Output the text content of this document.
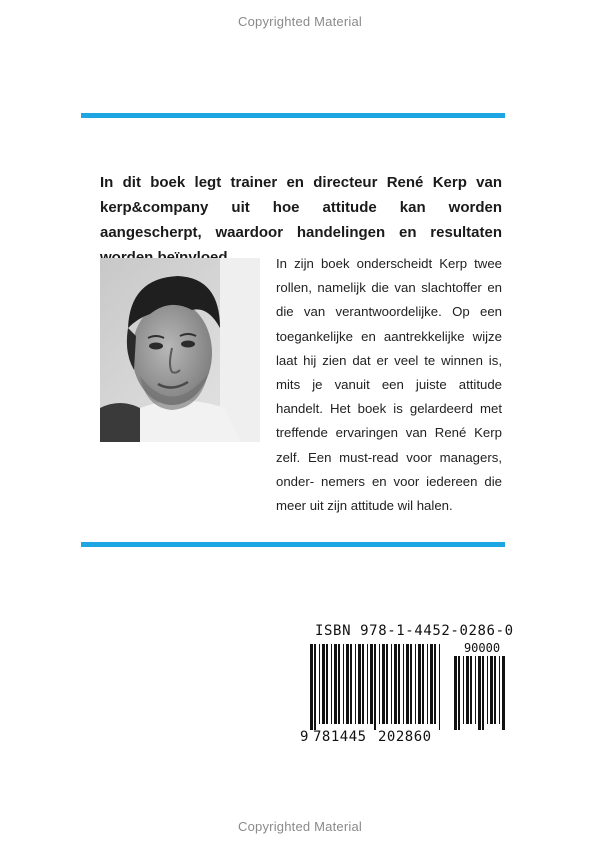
Copyrighted Material

In dit boek legt trainer en directeur René Kerp van kerp&company uit hoe attitude kan worden aangescherpt, waardoor handelingen en resultaten

In zijn boek onderscheidt Kerp twee rollen, namelijk die van slachtoffer en die van verantwoordelijke. Op een toegankelijke en aantrekkelijke wijze laat hij zien dat er veel te winnen is, mits je vanuit een juiste attitude handelt. Het boek is gelardeerd met treffende ervaringen van René Kerp zelf. Een must-read voor managers, onder- nemers en voor iedereen die meer uit zijn attitude wil halen.

ISBN 978-1-4452-0286-0
90000
9 781445 202860
Copyrighted Material
